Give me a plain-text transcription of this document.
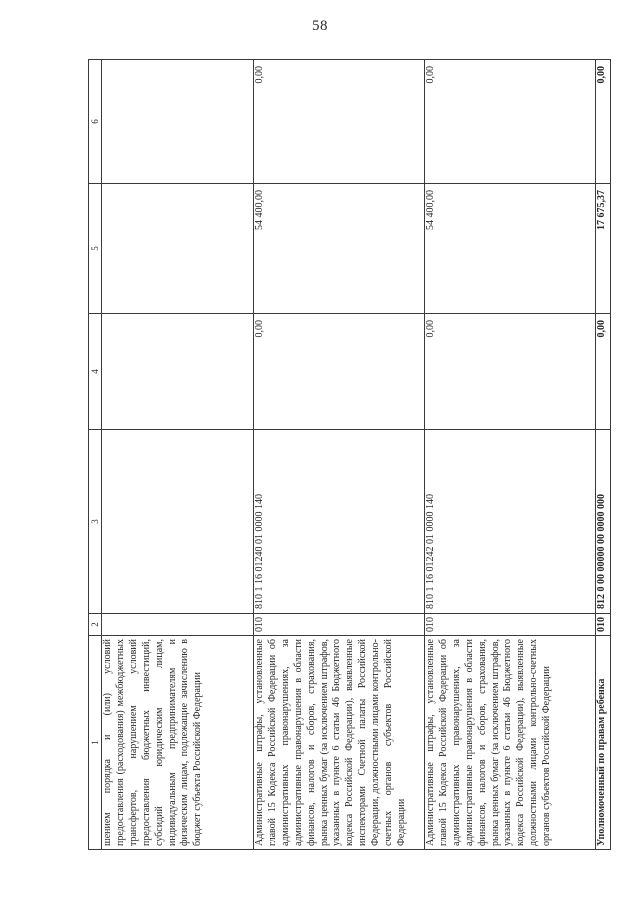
58
1	2	3	4	5	6
шением порядка и (или) условий предоставления (расходования) межбюджетных трансфертов, нарушением условий предоставления бюджетных инвестиций, субсидий юридическим лицам, индивидуальным предпринимателям и физическим лицам, подлежащие зачислению в бюджет субъекта Российской Федерации					
Административные штрафы, установленные главой 15 Кодекса Российской Федерации об административных правонарушениях, за административные правонарушения в области финансов, налогов и сборов, страхования, рынка ценных бумаг (за исключением штрафов, указанных в пункте 6 статьи 46 Бюджетного кодекса Российской Федерации), выявленные инспекторами Счетной палаты Российской Федерации, должностными лицами контрольно-счетных органов субъектов Российской Федерации	010	810 1 16 01240 01 0000 140	0,00	54 400,00	0,00
Административные штрафы, установленные главой 15 Кодекса Российской Федерации об административных правонарушениях, за административные правонарушения в области финансов, налогов и сборов, страхования, рынка ценных бумаг (за исключением штрафов, указанных в пункте 6 статьи 46 Бюджетного кодекса Российской Федерации), выявленные должностными лицами контрольно-счетных органов субъектов Российской Федерации	010	810 1 16 01242 01 0000 140	0,00	54 400,00	0,00
Уполномоченный по правам ребенка	010	812 0 00 00000 00 0000 000	0,00	17 675,37	0,00
